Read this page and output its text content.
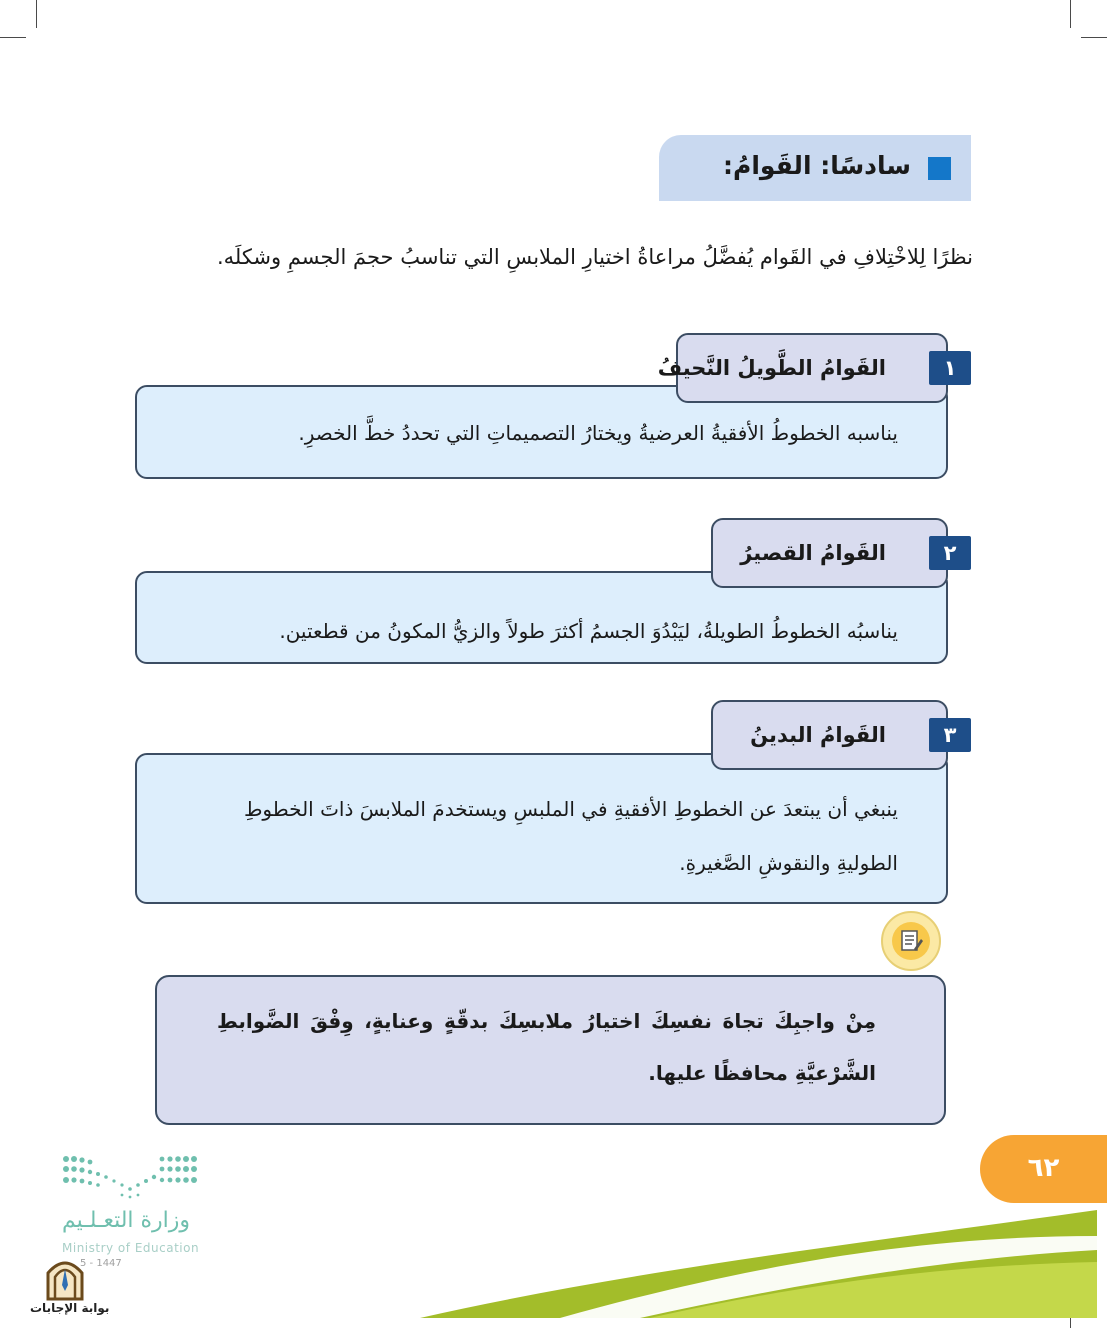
سادسًا: القَوامُ:
نظرًا لِلاخْتِلافِ في القَوام يُفضَّلُ مراعاةُ اختيارِ الملابسِ التي تناسبُ حجمَ الجسمِ وشكلَه.
يناسبه الخطوطُ الأفقيةُ العرضيةُ ويختارُ التصميماتِ التي تحددُ خطَّ الخصرِ.
القَوامُ الطَّويلُ النَّحيفُ	١
يناسبُه الخطوطُ الطويلةُ، ليَبْدُوَ الجسمُ أكثرَ طولاً والزيُّ المكونُ من قطعتين.
القَوامُ القصيرُ	٢
ينبغي أن يبتعدَ عن الخطوطِ الأفقيةِ في الملبسِ ويستخدمَ الملابسَ ذاتَ الخطوطِ
الطوليةِ والنقوشِ الصَّغيرةِ.
القَوامُ البدينُ	٣
مِنْ واجبِكَ تجاهَ نفسِكَ اختيارُ ملابسِكَ بدقّةٍ وعنايةٍ، وِفْقَ الضَّوابطِ الشَّرْعيَّةِ محافظًا عليها.
٦٢
وزارة التعـلـيم
Ministry of Education
5 - 1447
بوابة الإجابات
